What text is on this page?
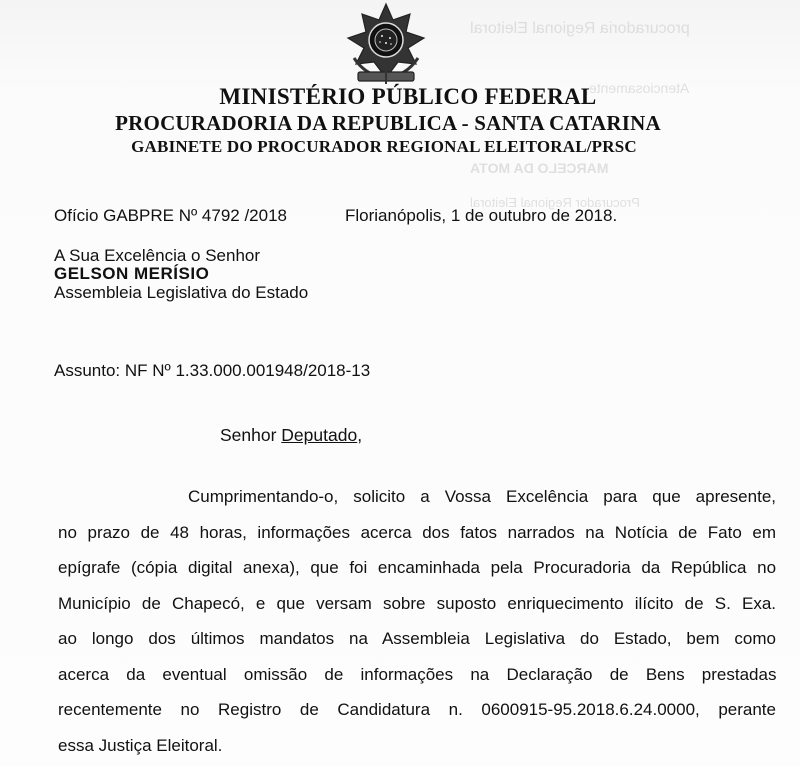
procuradoria Regional Eleitoral
Atenciosamente,
MARCELO DA MOTA
Procurador Regional Eleitoral
MINISTÉRIO PÚBLICO FEDERAL
PROCURADORIA DA REPUBLICA - SANTA CATARINA
GABINETE DO PROCURADOR REGIONAL ELEITORAL/PRSC
Ofício GABPRE Nº 4792 /2018	Florianópolis, 1 de outubro de 2018.
A Sua Excelência o Senhor
GELSON MERÍSIO
Assembleia Legislativa do Estado
Assunto: NF Nº 1.33.000.001948/2018-13
Senhor Deputado,
Cumprimentando-o, solicito a Vossa Excelência para que apresente,
no prazo de 48 horas, informações acerca dos fatos narrados na Notícia de Fato em
epígrafe (cópia digital anexa), que foi encaminhada pela Procuradoria da República no
Município de Chapecó, e que versam sobre suposto enriquecimento ilícito de S. Exa.
ao longo dos últimos mandatos na Assembleia Legislativa do Estado, bem como
acerca da eventual omissão de informações na Declaração de Bens prestadas
recentemente no Registro de Candidatura n. 0600915-95.2018.6.24.0000, perante
essa Justiça Eleitoral.
